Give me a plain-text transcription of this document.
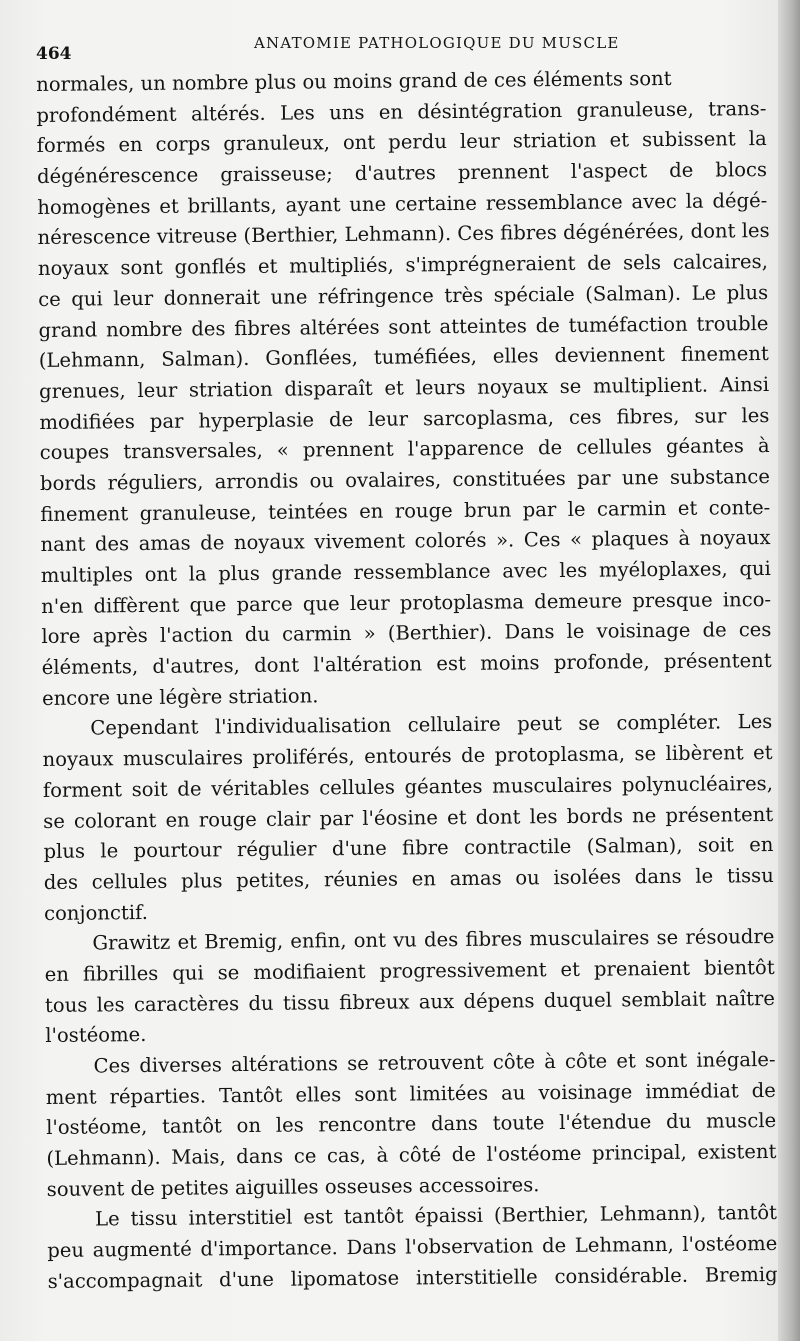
464
ANATOMIE PATHOLOGIQUE DU MUSCLE
normales, un nombre plus ou moins grand de ces éléments sont
profondément altérés. Les uns en désintégration granuleuse, trans-
formés en corps granuleux, ont perdu leur striation et subissent la
dégénérescence graisseuse; d'autres prennent l'aspect de blocs
homogènes et brillants, ayant une certaine ressemblance avec la dégé-
nérescence vitreuse (Berthier, Lehmann). Ces fibres dégénérées, dont les
noyaux sont gonflés et multipliés, s'imprégneraient de sels calcaires,
ce qui leur donnerait une réfringence très spéciale (Salman). Le plus
grand nombre des fibres altérées sont atteintes de tuméfaction trouble
(Lehmann, Salman). Gonflées, tuméfiées, elles deviennent finement
grenues, leur striation disparaît et leurs noyaux se multiplient. Ainsi
modifiées par hyperplasie de leur sarcoplasma, ces fibres, sur les
coupes transversales, « prennent l'apparence de cellules géantes à
bords réguliers, arrondis ou ovalaires, constituées par une substance
finement granuleuse, teintées en rouge brun par le carmin et conte-
nant des amas de noyaux vivement colorés ». Ces « plaques à noyaux
multiples ont la plus grande ressemblance avec les myéloplaxes, qui
n'en diffèrent que parce que leur protoplasma demeure presque inco-
lore après l'action du carmin » (Berthier). Dans le voisinage de ces
éléments, d'autres, dont l'altération est moins profonde, présentent
encore une légère striation.
Cependant l'individualisation cellulaire peut se compléter. Les
noyaux musculaires proliférés, entourés de protoplasma, se libèrent et
forment soit de véritables cellules géantes musculaires polynucléaires,
se colorant en rouge clair par l'éosine et dont les bords ne présentent
plus le pourtour régulier d'une fibre contractile (Salman), soit en
des cellules plus petites, réunies en amas ou isolées dans le tissu
conjonctif.
Grawitz et Bremig, enfin, ont vu des fibres musculaires se résoudre
en fibrilles qui se modifiaient progressivement et prenaient bientôt
tous les caractères du tissu fibreux aux dépens duquel semblait naître
l'ostéome.
Ces diverses altérations se retrouvent côte à côte et sont inégale-
ment réparties. Tantôt elles sont limitées au voisinage immédiat de
l'ostéome, tantôt on les rencontre dans toute l'étendue du muscle
(Lehmann). Mais, dans ce cas, à côté de l'ostéome principal, existent
souvent de petites aiguilles osseuses accessoires.
Le tissu interstitiel est tantôt épaissi (Berthier, Lehmann), tantôt
peu augmenté d'importance. Dans l'observation de Lehmann, l'ostéome
s'accompagnait d'une lipomatose interstitielle considérable. Bremig
